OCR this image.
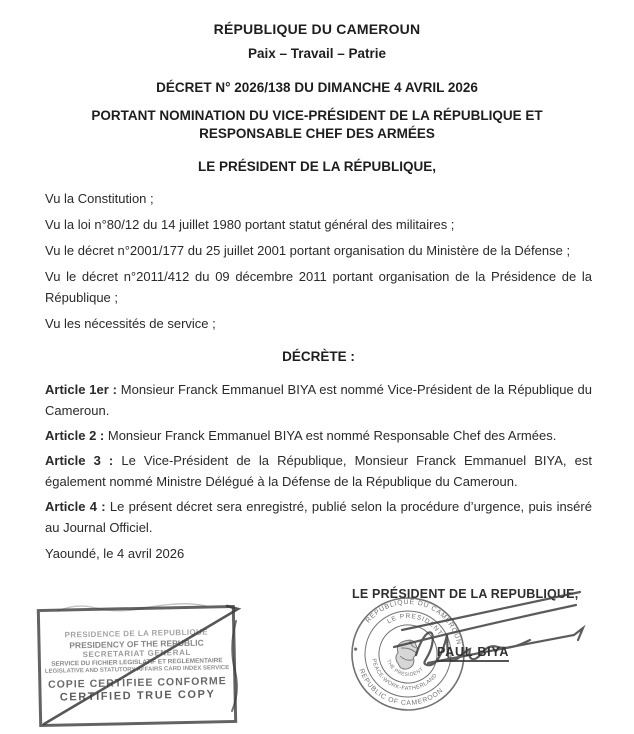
RÉPUBLIQUE DU CAMEROUN
Paix – Travail – Patrie
DÉCRET N° 2026/138 DU DIMANCHE 4 AVRIL 2026
PORTANT NOMINATION DU VICE-PRÉSIDENT DE LA RÉPUBLIQUE ET RESPONSABLE CHEF DES ARMÉES
LE PRÉSIDENT DE LA RÉPUBLIQUE,

Vu la Constitution ;

Vu la loi n°80/12 du 14 juillet 1980 portant statut général des militaires ;

Vu le décret n°2001/177 du 25 juillet 2001 portant organisation du Ministère de la Défense ;

Vu le décret n°2011/412 du 09 décembre 2011 portant organisation de la Présidence de la République ;

Vu les nécessités de service ;

DÉCRÈTE :

Article 1er : Monsieur Franck Emmanuel BIYA est nommé Vice-Président de la République du Cameroun.

Article 2 : Monsieur Franck Emmanuel BIYA est nommé Responsable Chef des Armées.

Article 3 : Le Vice-Président de la République, Monsieur Franck Emmanuel BIYA, est également nommé Ministre Délégué à la Défense de la République du Cameroun.

Article 4 : Le présent décret sera enregistré, publié selon la procédure d’urgence, puis inséré au Journal Officiel.

Yaoundé, le 4 avril 2026

LE PRÉSIDENT DE LA REPUBLIQUE,
REPUBLIQUE DU CAMEROUN
REPUBLIC OF CAMEROON
LE PRESIDENT
PEACE-WORK-FATHERLAND
THE PRESIDENT
PAUL BIYA
PRESIDENCE DE LA REPUBLIQUE
PRESIDENCY OF THE REPUBLIC
SECRETARIAT GENERAL
SERVICE DU FICHIER LEGISLATIF ET REGLEMENTAIRE
LEGISLATIVE AND STATUTORY AFFAIRS CARD INDEX SERVICE
COPIE CERTIFIEE CONFORME
CERTIFIED TRUE COPY
